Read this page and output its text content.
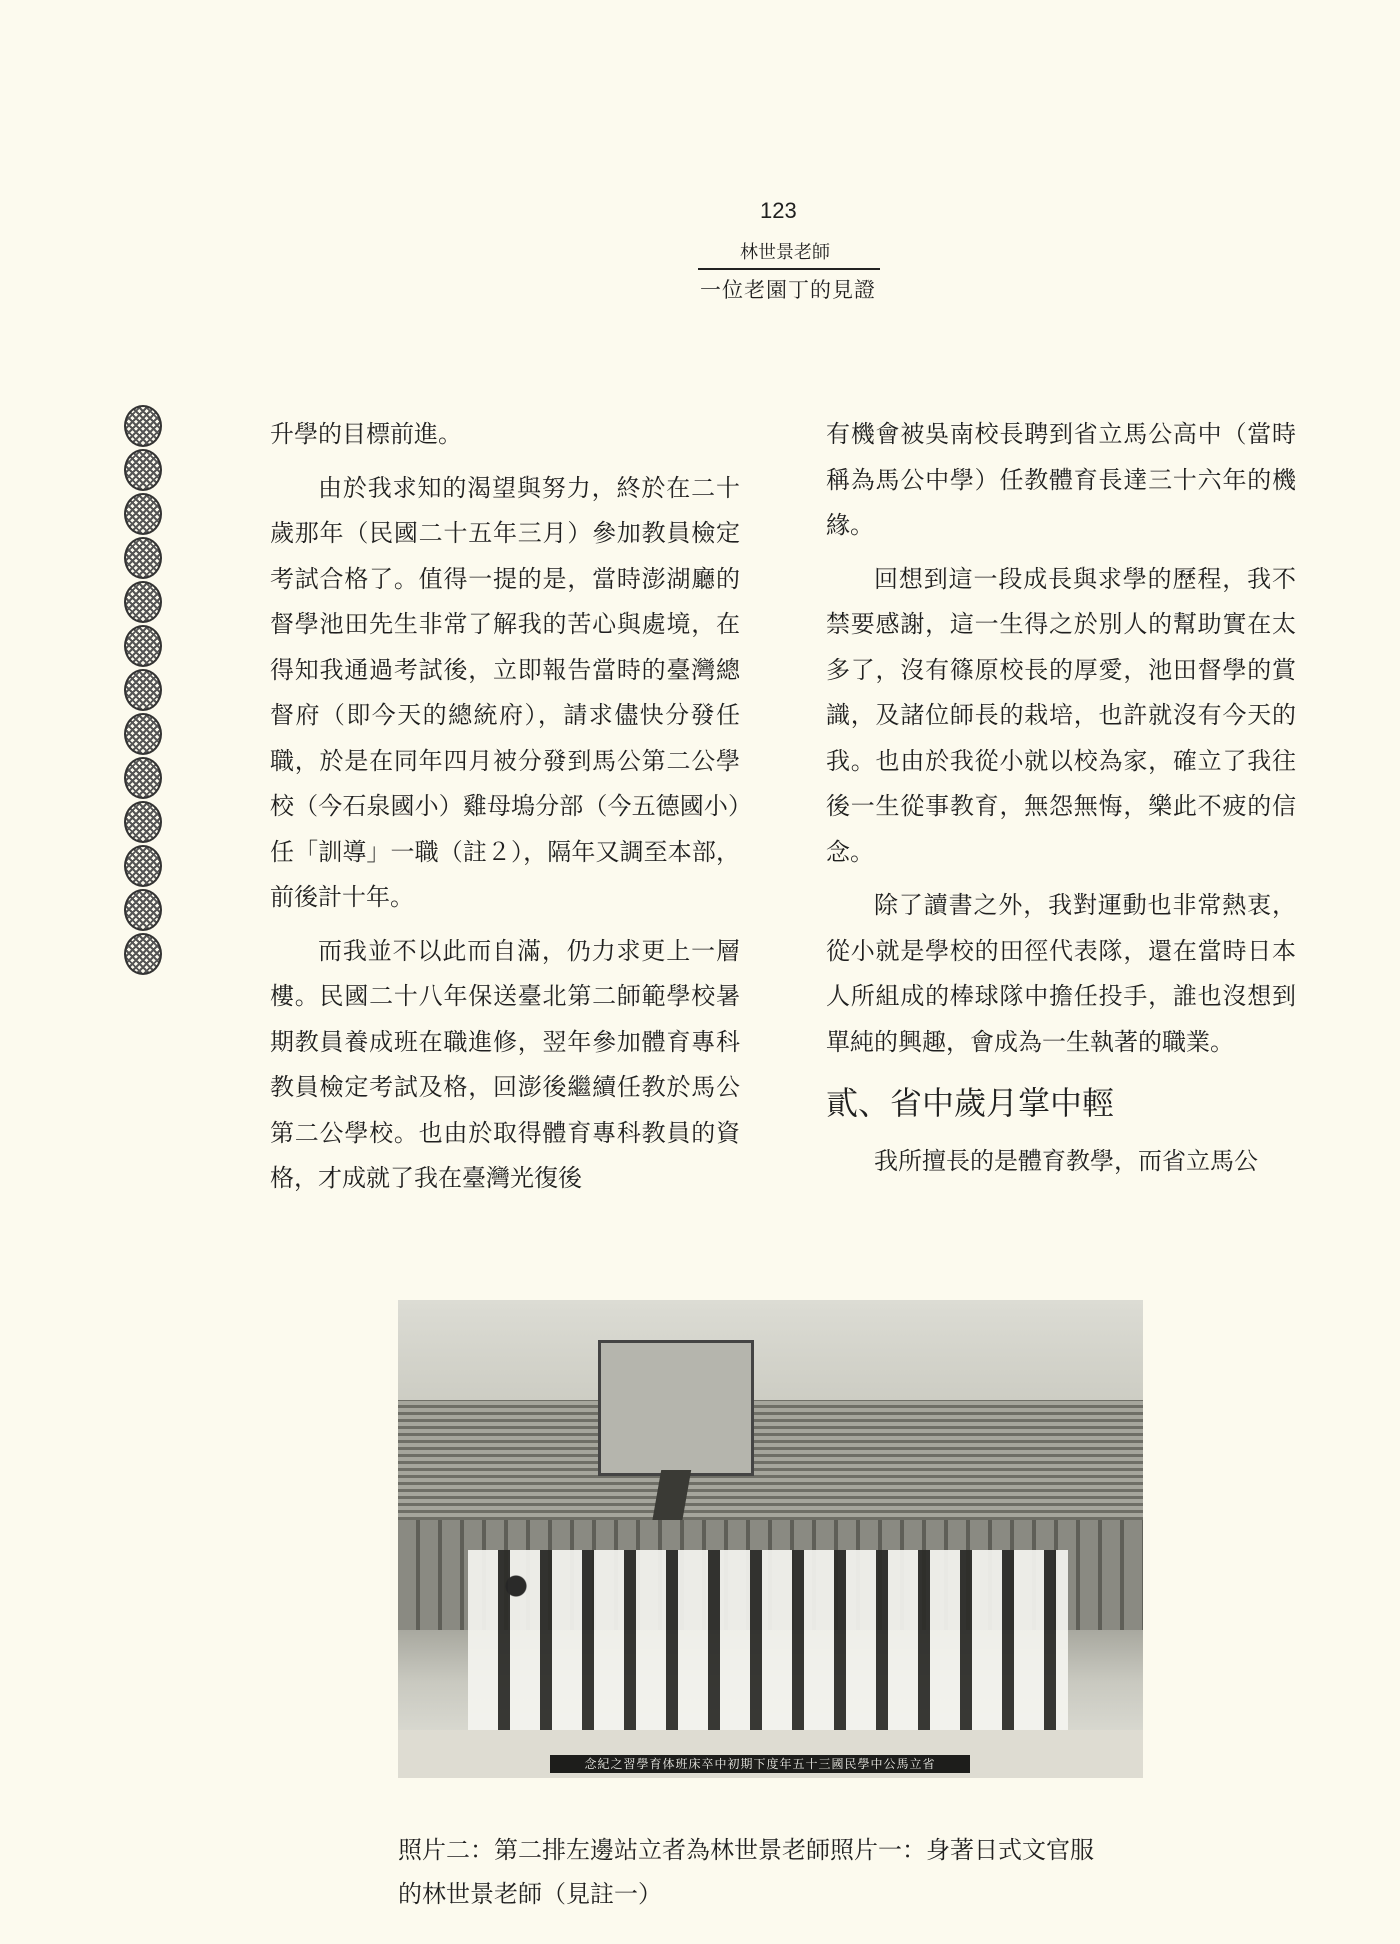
123
林世景老師
一位老園丁的見證

升學的目標前進。

由於我求知的渴望與努力，終於在二十歲那年（民國二十五年三月）參加教員檢定考試合格了。值得一提的是，當時澎湖廳的督學池田先生非常了解我的苦心與處境，在得知我通過考試後，立即報告當時的臺灣總督府（即今天的總統府），請求儘快分發任職，於是在同年四月被分發到馬公第二公學校（今石泉國小）雞母塢分部（今五德國小）任「訓導」一職（註２），隔年又調至本部，前後計十年。

而我並不以此而自滿，仍力求更上一層樓。民國二十八年保送臺北第二師範學校暑期教員養成班在職進修，翌年參加體育專科教員檢定考試及格，回澎後繼續任教於馬公第二公學校。也由於取得體育專科教員的資格，才成就了我在臺灣光復後

有機會被吳南校長聘到省立馬公高中（當時稱為馬公中學）任教體育長達三十六年的機緣。

回想到這一段成長與求學的歷程，我不禁要感謝，這一生得之於別人的幫助實在太多了，沒有篠原校長的厚愛，池田督學的賞識，及諸位師長的栽培，也許就沒有今天的我。也由於我從小就以校為家，確立了我往後一生從事教育，無怨無悔，樂此不疲的信念。

除了讀書之外，我對運動也非常熱衷，從小就是學校的田徑代表隊，還在當時日本人所組成的棒球隊中擔任投手，誰也沒想到單純的興趣，會成為一生執著的職業。

貳、省中歲月掌中輕

我所擅長的是體育教學，而省立馬公

念紀之習學育体班床卒中初期下度年五十三國民學中公馬立省
照片二：第二排左邊站立者為林世景老師照片一：身著日式文官服
的林世景老師（見註一）
